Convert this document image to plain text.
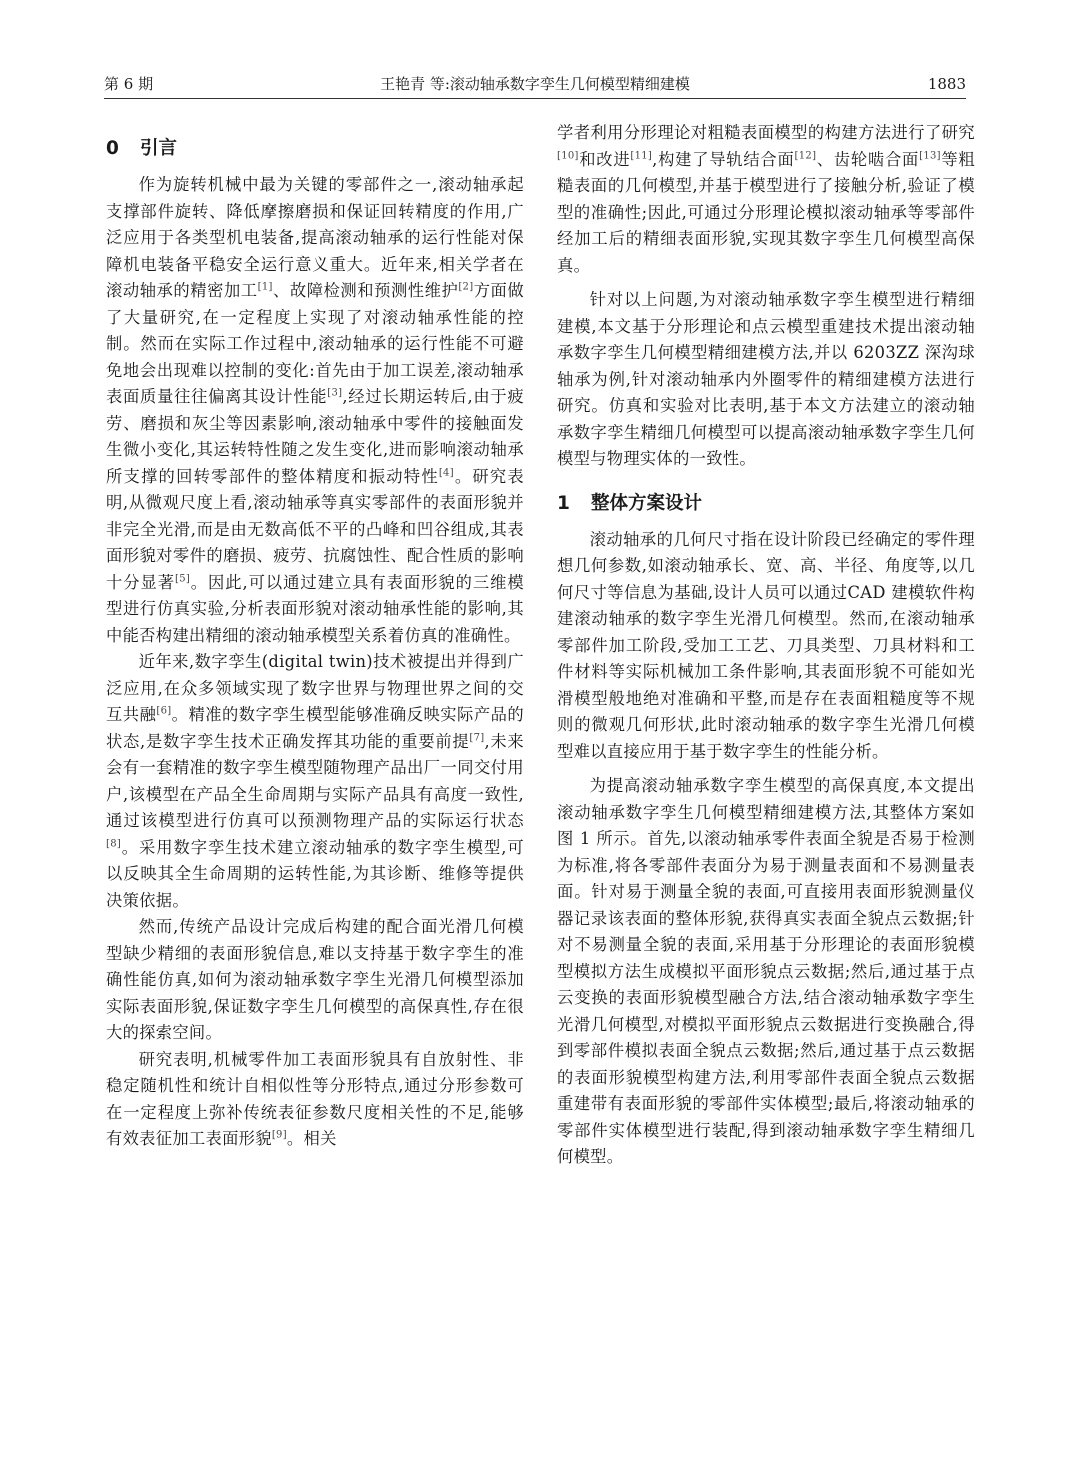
第 6 期	王艳青 等:滚动轴承数字孪生几何模型精细建模	1883
0 引言

作为旋转机械中最为关键的零部件之一,滚动轴承起支撑部件旋转、降低摩擦磨损和保证回转精度的作用,广泛应用于各类型机电装备,提高滚动轴承的运行性能对保障机电装备平稳安全运行意义重大。近年来,相关学者在滚动轴承的精密加工[1]、故障检测和预测性维护[2]方面做了大量研究,在一定程度上实现了对滚动轴承性能的控制。然而在实际工作过程中,滚动轴承的运行性能不可避免地会出现难以控制的变化:首先由于加工误差,滚动轴承表面质量往往偏离其设计性能[3],经过长期运转后,由于疲劳、磨损和灰尘等因素影响,滚动轴承中零件的接触面发生微小变化,其运转特性随之发生变化,进而影响滚动轴承所支撑的回转零部件的整体精度和振动特性[4]。研究表明,从微观尺度上看,滚动轴承等真实零部件的表面形貌并非完全光滑,而是由无数高低不平的凸峰和凹谷组成,其表面形貌对零件的磨损、疲劳、抗腐蚀性、配合性质的影响十分显著[5]。因此,可以通过建立具有表面形貌的三维模型进行仿真实验,分析表面形貌对滚动轴承性能的影响,其中能否构建出精细的滚动轴承模型关系着仿真的准确性。

近年来,数字孪生(digital twin)技术被提出并得到广泛应用,在众多领域实现了数字世界与物理世界之间的交互共融[6]。精准的数字孪生模型能够准确反映实际产品的状态,是数字孪生技术正确发挥其功能的重要前提[7],未来会有一套精准的数字孪生模型随物理产品出厂一同交付用户,该模型在产品全生命周期与实际产品具有高度一致性,通过该模型进行仿真可以预测物理产品的实际运行状态[8]。采用数字孪生技术建立滚动轴承的数字孪生模型,可以反映其全生命周期的运转性能,为其诊断、维修等提供决策依据。

然而,传统产品设计完成后构建的配合面光滑几何模型缺少精细的表面形貌信息,难以支持基于数字孪生的准确性能仿真,如何为滚动轴承数字孪生光滑几何模型添加实际表面形貌,保证数字孪生几何模型的高保真性,存在很大的探索空间。

研究表明,机械零件加工表面形貌具有自放射性、非稳定随机性和统计自相似性等分形特点,通过分形参数可在一定程度上弥补传统表征参数尺度相关性的不足,能够有效表征加工表面形貌[9]。相关

学者利用分形理论对粗糙表面模型的构建方法进行了研究[10]和改进[11],构建了导轨结合面[12]、齿轮啮合面[13]等粗糙表面的几何模型,并基于模型进行了接触分析,验证了模型的准确性;因此,可通过分形理论模拟滚动轴承等零部件经加工后的精细表面形貌,实现其数字孪生几何模型高保真。

针对以上问题,为对滚动轴承数字孪生模型进行精细建模,本文基于分形理论和点云模型重建技术提出滚动轴承数字孪生几何模型精细建模方法,并以 6203ZZ 深沟球轴承为例,针对滚动轴承内外圈零件的精细建模方法进行研究。仿真和实验对比表明,基于本文方法建立的滚动轴承数字孪生精细几何模型可以提高滚动轴承数字孪生几何模型与物理实体的一致性。

1 整体方案设计

滚动轴承的几何尺寸指在设计阶段已经确定的零件理想几何参数,如滚动轴承长、宽、高、半径、角度等,以几何尺寸等信息为基础,设计人员可以通过CAD 建模软件构建滚动轴承的数字孪生光滑几何模型。然而,在滚动轴承零部件加工阶段,受加工工艺、刀具类型、刀具材料和工件材料等实际机械加工条件影响,其表面形貌不可能如光滑模型般地绝对准确和平整,而是存在表面粗糙度等不规则的微观几何形状,此时滚动轴承的数字孪生光滑几何模型难以直接应用于基于数字孪生的性能分析。

为提高滚动轴承数字孪生模型的高保真度,本文提出滚动轴承数字孪生几何模型精细建模方法,其整体方案如图 1 所示。首先,以滚动轴承零件表面全貌是否易于检测为标准,将各零部件表面分为易于测量表面和不易测量表面。针对易于测量全貌的表面,可直接用表面形貌测量仪器记录该表面的整体形貌,获得真实表面全貌点云数据;针对不易测量全貌的表面,采用基于分形理论的表面形貌模型模拟方法生成模拟平面形貌点云数据;然后,通过基于点云变换的表面形貌模型融合方法,结合滚动轴承数字孪生光滑几何模型,对模拟平面形貌点云数据进行变换融合,得到零部件模拟表面全貌点云数据;然后,通过基于点云数据的表面形貌模型构建方法,利用零部件表面全貌点云数据重建带有表面形貌的零部件实体模型;最后,将滚动轴承的零部件实体模型进行装配,得到滚动轴承数字孪生精细几何模型。
